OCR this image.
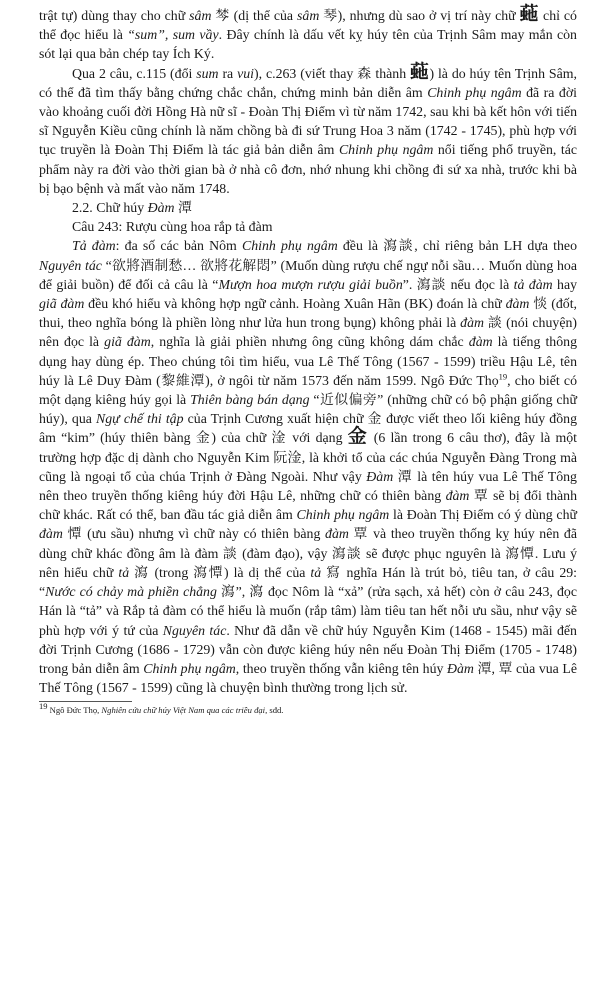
trật tự) dùng thay cho chữ sâm 棽 (dị thể của sâm 琴), nhưng dù sao ở vị trí này chữ 𦴍 chỉ có thể đọc hiểu là “sum”, sum vầy. Đây chính là dấu vết kỵ húy tên của Trịnh Sâm may mắn còn sót lại qua bản chép tay Ích Ký.

Qua 2 câu, c.115 (đổi sum ra vui), c.263 (viết thay 森 thành 𦴍) là do húy tên Trịnh Sâm, có thể đã tìm thấy bằng chứng chắc chắn, chứng minh bản diễn âm Chinh phụ ngâm đã ra đời vào khoảng cuối đời Hồng Hà nữ sĩ - Đoàn Thị Điểm vì từ năm 1742, sau khi bà kết hôn với tiến sĩ Nguyễn Kiều cũng chính là năm chồng bà đi sứ Trung Hoa 3 năm (1742 - 1745), phù hợp với tục truyền là Đoàn Thị Điểm là tác giả bản diễn âm Chinh phụ ngâm nổi tiếng phổ truyền, tác phẩm này ra đời vào thời gian bà ở nhà cô đơn, nhớ nhung khi chồng đi sứ xa nhà, trước khi bà bị bạo bệnh và mất vào năm 1748.

2.2. Chữ húy Đàm 潭

Câu 243: Rượu cùng hoa rắp tả đàm

Tả đàm: đa số các bản Nôm Chinh phụ ngâm đều là 瀉談, chỉ riêng bản LH dựa theo Nguyên tác “欲將酒制愁… 欲將花解悶” (Muốn dùng rượu chế ngự nỗi sầu… Muốn dùng hoa để giải buồn) để đối cả câu là “Mượn hoa mượn rượu giải buồn”. 瀉談 nếu đọc là tả đàm hay giã đàm đều khó hiểu và không hợp ngữ cảnh. Hoàng Xuân Hãn (BK) đoán là chữ đàm 惔 (đốt, thui, theo nghĩa bóng là phiền lòng như lửa hun trong bụng) không phải là đàm 談 (nói chuyện) nên đọc là giã đàm, nghĩa là giải phiền nhưng ông cũng không dám chắc đàm là tiếng thông dụng hay dùng ép. Theo chúng tôi tìm hiểu, vua Lê Thế Tông (1567 - 1599) triều Hậu Lê, tên húy là Lê Duy Đàm (黎維潭), ở ngôi từ năm 1573 đến năm 1599. Ngô Đức Thọ$^{19}$, cho biết có một dạng kiêng húy gọi là Thiên bàng bán dạng “近似偏旁” (những chữ có bộ phận giống chữ húy), qua Ngự chế thi tập của Trịnh Cương xuất hiện chữ 金 được viết theo lối kiêng húy đồng âm “kim” (húy thiên bàng 金) của chữ 淦 với dạng 金 (6 lần trong 6 câu thơ), đây là một trường hợp đặc dị dành cho Nguyễn Kim 阮淦, là khởi tổ của các chúa Nguyễn Đàng Trong mà cũng là ngoại tổ của chúa Trịnh ở Đàng Ngoài. Như vậy Đàm 潭 là tên húy vua Lê Thế Tông nên theo truyền thống kiêng húy đời Hậu Lê, những chữ có thiên bàng đàm 覃 sẽ bị đổi thành chữ khác. Rất có thể, ban đầu tác giả diễn âm Chinh phụ ngâm là Đoàn Thị Điểm có ý dùng chữ đàm 憛 (ưu sầu) nhưng vì chữ này có thiên bàng đàm 覃 và theo truyền thống kỵ húy nên đã dùng chữ khác đồng âm là đàm 談 (đàm đạo), vậy 瀉談 sẽ được phục nguyên là 瀉憛. Lưu ý nên hiểu chữ tả 瀉 (trong 瀉憛) là dị thể của tả 寫 nghĩa Hán là trút bỏ, tiêu tan, ở câu 29: “Nước có chảy mà phiền chẳng 瀉”, 瀉 đọc Nôm là “xả” (rửa sạch, xả hết) còn ở câu 243, đọc Hán là “tả” và Rắp tả đàm có thể hiểu là muốn (rắp tâm) làm tiêu tan hết nỗi ưu sầu, như vậy sẽ phù hợp với ý tứ của Nguyên tác. Như đã dẫn về chữ húy Nguyễn Kim (1468 - 1545) mãi đến đời Trịnh Cương (1686 - 1729) vẫn còn được kiêng húy nên nếu Đoàn Thị Điểm (1705 - 1748) trong bản diễn âm Chinh phụ ngâm, theo truyền thống vẫn kiêng tên húy Đàm 潭, 覃 của vua Lê Thế Tông (1567 - 1599) cũng là chuyện bình thường trong lịch sử.

19 Ngô Đức Thọ, Nghiên cứu chữ húy Việt Nam qua các triều đại, sđd.
